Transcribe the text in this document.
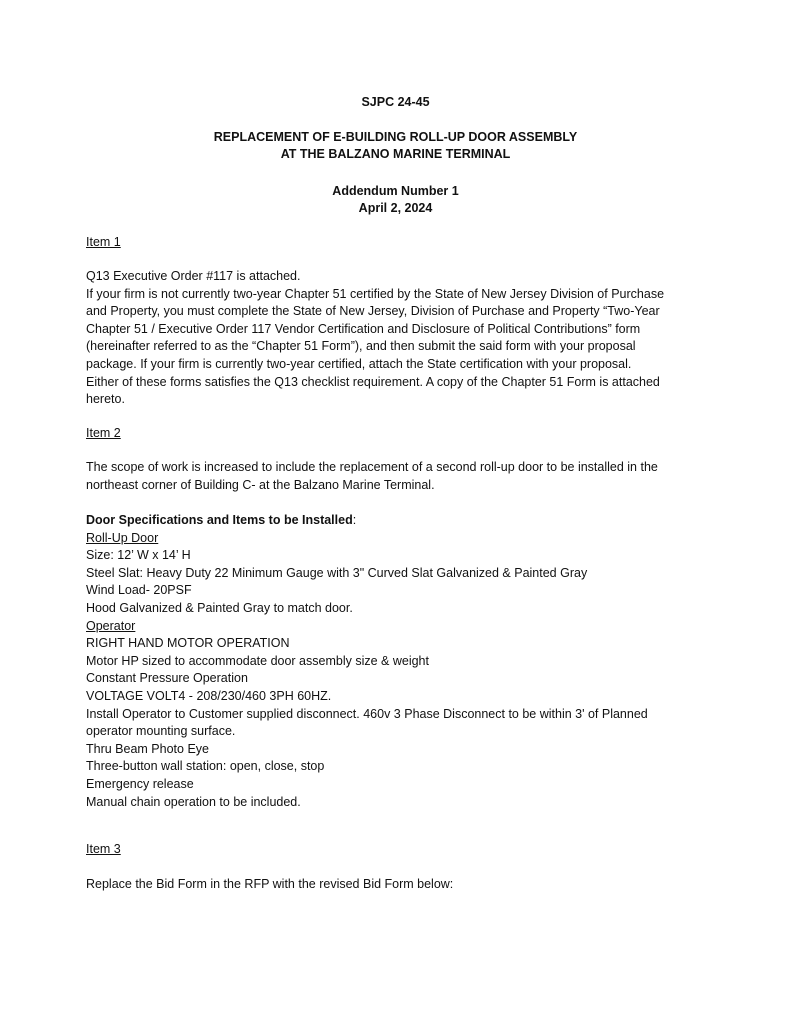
SJPC 24-45
REPLACEMENT OF E-BUILDING ROLL-UP DOOR ASSEMBLY
AT THE BALZANO MARINE TERMINAL
Addendum Number 1
April 2, 2024
Item 1
Q13 Executive Order #117 is attached.
If your firm is not currently two-year Chapter 51 certified by the State of New Jersey Division of Purchase
and Property, you must complete the State of New Jersey, Division of Purchase and Property “Two-Year
Chapter 51 / Executive Order 117 Vendor Certification and Disclosure of Political Contributions” form
(hereinafter referred to as the “Chapter 51 Form”), and then submit the said form with your proposal
package. If your firm is currently two-year certified, attach the State certification with your proposal.
Either of these forms satisfies the Q13 checklist requirement. A copy of the Chapter 51 Form is attached
hereto.
Item 2
The scope of work is increased to include the replacement of a second roll-up door to be installed in the
northeast corner of Building C- at the Balzano Marine Terminal.
Door Specifications and Items to be Installed:
Roll-Up Door
Size: 12’ W x 14’ H
Steel Slat: Heavy Duty 22 Minimum Gauge with 3" Curved Slat Galvanized & Painted Gray
Wind Load- 20PSF
Hood Galvanized & Painted Gray to match door.
Operator
RIGHT HAND MOTOR OPERATION
Motor HP sized to accommodate door assembly size & weight
Constant Pressure Operation
VOLTAGE VOLT4 - 208/230/460 3PH 60HZ.
Install Operator to Customer supplied disconnect. 460v 3 Phase Disconnect to be within 3' of Planned
operator mounting surface.
Thru Beam Photo Eye
Three-button wall station: open, close, stop
Emergency release
Manual chain operation to be included.
Item 3
Replace the Bid Form in the RFP with the revised Bid Form below:
